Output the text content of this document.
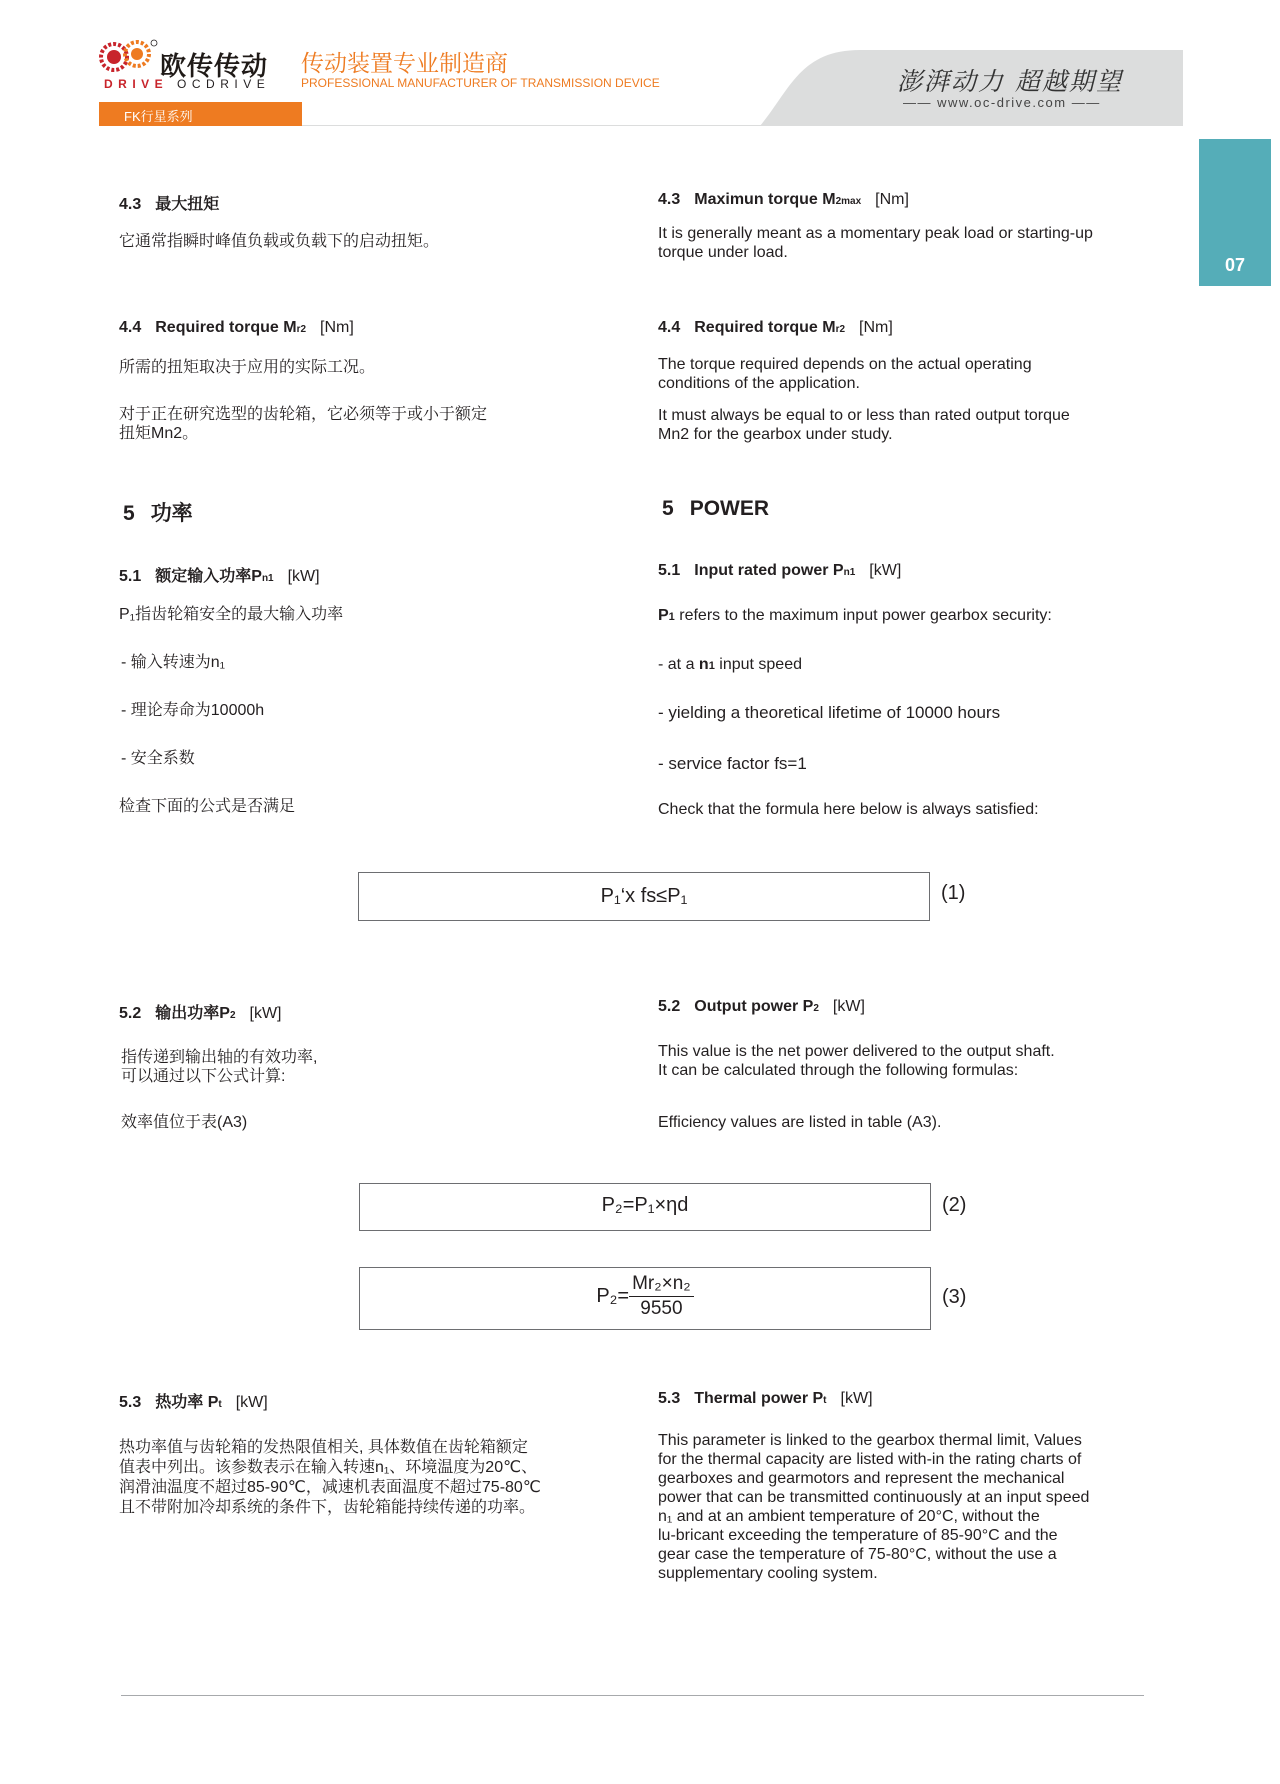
欧传传动
DRIVE OCDRIVE
传动装置专业制造商
PROFESSIONAL MANUFACTURER OF TRANSMISSION DEVICE	澎湃动力 超越期望
—— www.oc-drive.com ——
FK行星系列
07
4.3 最大扭矩
它通常指瞬时峰值负载或负载下的启动扭矩。
4.4 Required torque Mr2 [Nm]
所需的扭矩取决于应用的实际工况。
对于正在研究选型的齿轮箱，它必须等于或小于额定
扭矩Mn2。
5 功率
5.1 额定输入功率Pn1 [kW]
P₁指齿轮箱安全的最大输入功率
- 输入转速为n₁
- 理论寿命为10000h
- 安全系数
检查下面的公式是否满足
5.2 输出功率P2 [kW]
指传递到输出轴的有效功率,
可以通过以下公式计算:
效率值位于表(A3)
5.3 热功率 Pt [kW]
热功率值与齿轮箱的发热限值相关, 具体数值在齿轮箱额定
值表中列出。该参数表示在输入转速n₁、环境温度为20℃、
润滑油温度不超过85-90℃，减速机表面温度不超过75-80℃
且不带附加冷却系统的条件下，齿轮箱能持续传递的功率。
4.3 Maximun torque M2max [Nm]
It is generally meant as a momentary peak load or starting-up
torque under load.
4.4 Required torque Mr2 [Nm]
The torque required depends on the actual operating
conditions of the application.
It must always be equal to or less than rated output torque
Mn2 for the gearbox under study.
5 POWER
5.1 Input rated power Pn1 [kW]
P1 refers to the maximum input power gearbox security:
- at a n1 input speed
- yielding a theoretical lifetime of 10000 hours
- service factor fs=1
Check that the formula here below is always satisfied:
5.2 Output power P2 [kW]
This value is the net power delivered to the output shaft.
It can be calculated through the following formulas:
Efficiency values are listed in table (A3).
5.3 Thermal power Pt [kW]
This parameter is linked to the gearbox thermal limit, Values
for the thermal capacity are listed with-in the rating charts of
gearboxes and gearmotors and represent the mechanical
power that can be transmitted continuously at an input speed
n₁ and at an ambient temperature of 20°C, without the
lu-bricant exceeding the temperature of 85-90°C and the
gear case the temperature of 75-80°C, without the use a
supplementary cooling system.
P₁‘x fs≤P₁	(1)
P₂=P₁×ηd	(2)
$P_2= \frac{\text{Mr₂×n₂}}{9550}$	(3)
